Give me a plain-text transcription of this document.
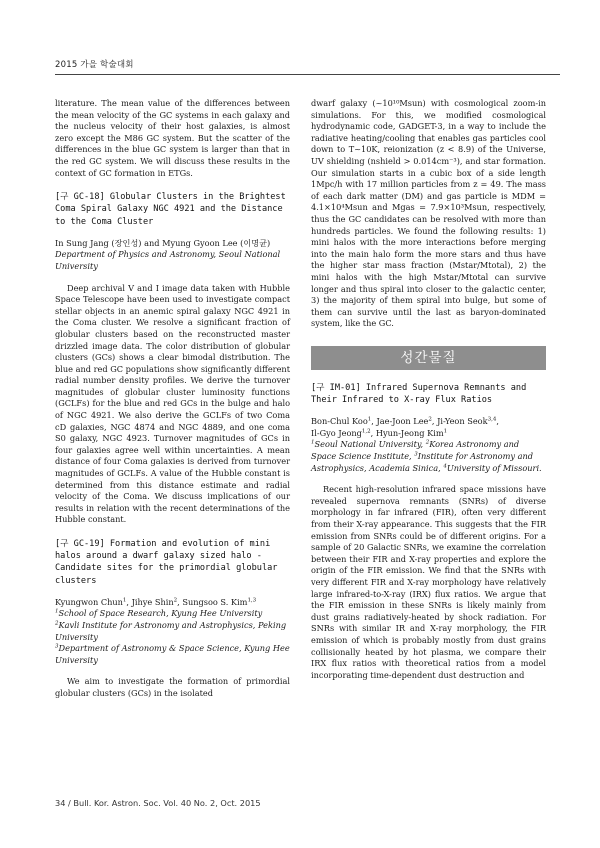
2015 가을 학술대회

literature. The mean value of the differences between the mean velocity of the GC systems in each galaxy and the nucleus velocity of their host galaxies, is almost zero except the M86 GC system. But the scatter of the differences in the blue GC system is larger than that in the red GC system. We will discuss these results in the context of GC formation in ETGs.

[구 GC-18] Globular Clusters in the Brightest Coma Spiral Galaxy NGC 4921 and the Distance to the Coma Cluster
In Sung Jang (장인성) and Myung Gyoon Lee (이명균)
Department of Physics and Astronomy, Seoul National University

Deep archival V and I image data taken with Hubble Space Telescope have been used to investigate compact stellar objects in an anemic spiral galaxy NGC 4921 in the Coma cluster. We resolve a significant fraction of globular clusters based on the reconstructed master drizzled image data. The color distribution of globular clusters (GCs) shows a clear bimodal distribution. The blue and red GC populations show significantly different radial number density profiles. We derive the turnover magnitudes of globular cluster luminosity functions (GCLFs) for the blue and red GCs in the bulge and halo of NGC 4921. We also derive the GCLFs of two Coma cD galaxies, NGC 4874 and NGC 4889, and one coma S0 galaxy, NGC 4923. Turnover magnitudes of GCs in four galaxies agree well within uncertainties. A mean distance of four Coma galaxies is derived from turnover magnitudes of GCLFs. A value of the Hubble constant is determined from this distance estimate and radial velocity of the Coma. We discuss implications of our results in relation with the recent determinations of the Hubble constant.

[구 GC-19] Formation and evolution of mini halos around a dwarf galaxy sized halo - Candidate sites for the primordial globular clusters
Kyungwon Chun$^1$, Jihye Shin$^2$, Sungsoo S. Kim$^{1,3}$
$^1$School of Space Research, Kyung Hee University
$^2$Kavli Institute for Astronomy and Astrophysics, Peking University
$^3$Department of Astronomy & Space Science, Kyung Hee University

We aim to investigate the formation of primordial globular clusters (GCs) in the isolated

dwarf galaxy (~10¹⁰Msun) with cosmological zoom-in simulations. For this, we modified cosmological hydrodynamic code, GADGET-3, in a way to include the radiative heating/cooling that enables gas particles cool down to T~10K, reionization (z < 8.9) of the Universe, UV shielding (nshield > 0.014cm⁻³), and star formation. Our simulation starts in a cubic box of a side length 1Mpc/h with 17 million particles from z = 49. The mass of each dark matter (DM) and gas particle is MDM = 4.1×10⁴Msun and Mgas = 7.9×10³Msun, respectively, thus the GC candidates can be resolved with more than hundreds particles. We found the following results: 1) mini halos with the more interactions before merging into the main halo form the more stars and thus have the higher star mass fraction (Mstar/Mtotal), 2) the mini halos with the high Mstar/Mtotal can survive longer and thus spiral into closer to the galactic center, 3) the majority of them spiral into bulge, but some of them can survive until the last as baryon-dominated system, like the GC.

성간물질
[구 IM-01] Infrared Supernova Remnants and Their Infrared to X-ray Flux Ratios
Bon-Chul Koo$^1$, Jae-Joon Lee$^2$, Ji-Yeon Seok$^{3,4}$,
Il-Gyo Jeong$^{1,2}$, Hyun-Jeong Kim$^1$
$^1$Seoul National University, $^2$Korea Astronomy and Space Science Institute, $^3$Institute for Astronomy and Astrophysics, Academia Sinica, $^4$University of Missouri.

Recent high-resolution infrared space missions have revealed supernova remnants (SNRs) of diverse morphology in far infrared (FIR), often very different from their X-ray appearance. This suggests that the FIR emission from SNRs could be of different origins. For a sample of 20 Galactic SNRs, we examine the correlation between their FIR and X-ray properties and explore the origin of the FIR emission. We find that the SNRs with very different FIR and X-ray morphology have relatively large infrared-to-X-ray (IRX) flux ratios. We argue that the FIR emission in these SNRs is likely mainly from dust grains radiatively-heated by shock radiation. For SNRs with similar IR and X-ray morphology, the FIR emission of which is probably mostly from dust grains collisionally heated by hot plasma, we compare their IRX flux ratios with theoretical ratios from a model incorporating time-dependent dust destruction and

34 / Bull. Kor. Astron. Soc. Vol. 40 No. 2, Oct. 2015
